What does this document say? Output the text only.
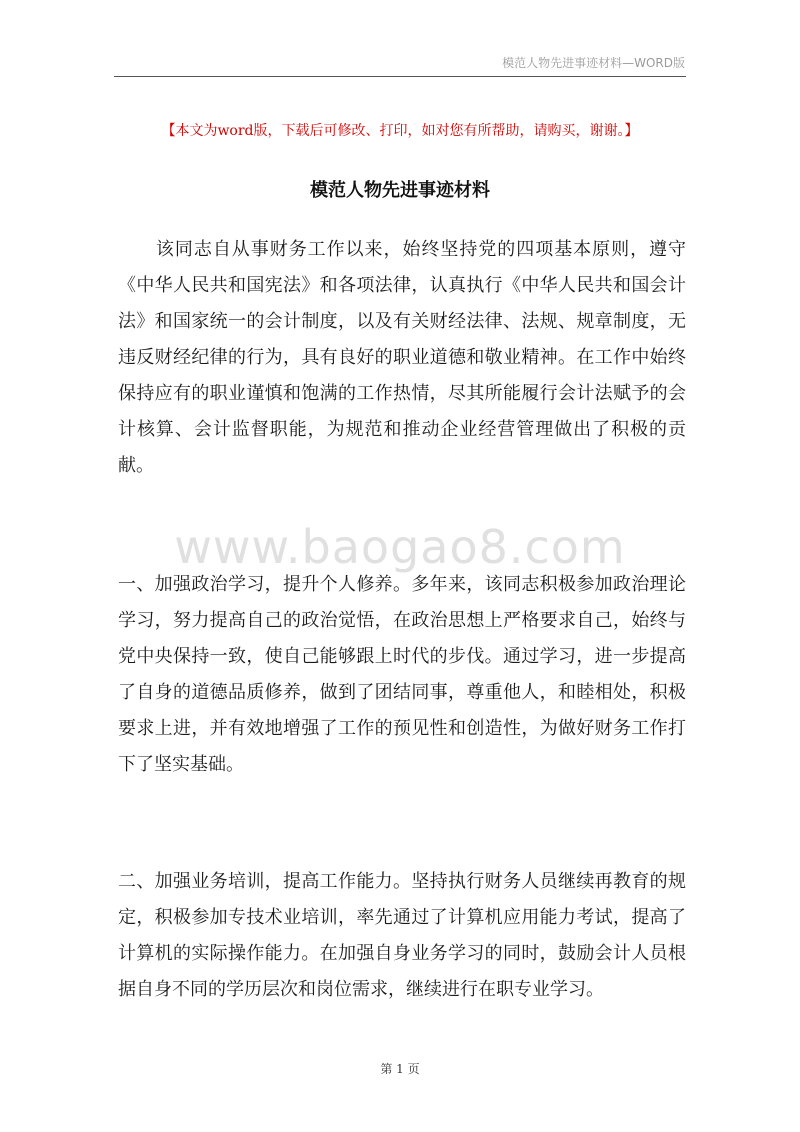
模范人物先进事迹材料—WORD版
【本文为word版，下载后可修改、打印，如对您有所帮助，请购买，谢谢。】
模范人物先进事迹材料

　　该同志自从事财务工作以来，始终坚持党的四项基本原则，遵守《中华人民共和国宪法》和各项法律，认真执行《中华人民共和国会计法》和国家统一的会计制度，以及有关财经法律、法规、规章制度，无违反财经纪律的行为，具有良好的职业道德和敬业精神。在工作中始终保持应有的职业谨慎和饱满的工作热情，尽其所能履行会计法赋予的会计核算、会计监督职能，为规范和推动企业经营管理做出了积极的贡献。

www.baogao8.com

一、加强政治学习，提升个人修养。多年来，该同志积极参加政治理论学习，努力提高自己的政治觉悟，在政治思想上严格要求自己，始终与党中央保持一致，使自己能够跟上时代的步伐。通过学习，进一步提高了自身的道德品质修养，做到了团结同事，尊重他人，和睦相处，积极要求上进，并有效地增强了工作的预见性和创造性，为做好财务工作打下了坚实基础。

二、加强业务培训，提高工作能力。坚持执行财务人员继续再教育的规定，积极参加专技术业培训，率先通过了计算机应用能力考试，提高了计算机的实际操作能力。在加强自身业务学习的同时，鼓励会计人员根据自身不同的学历层次和岗位需求，继续进行在职专业学习。

第 1 页
